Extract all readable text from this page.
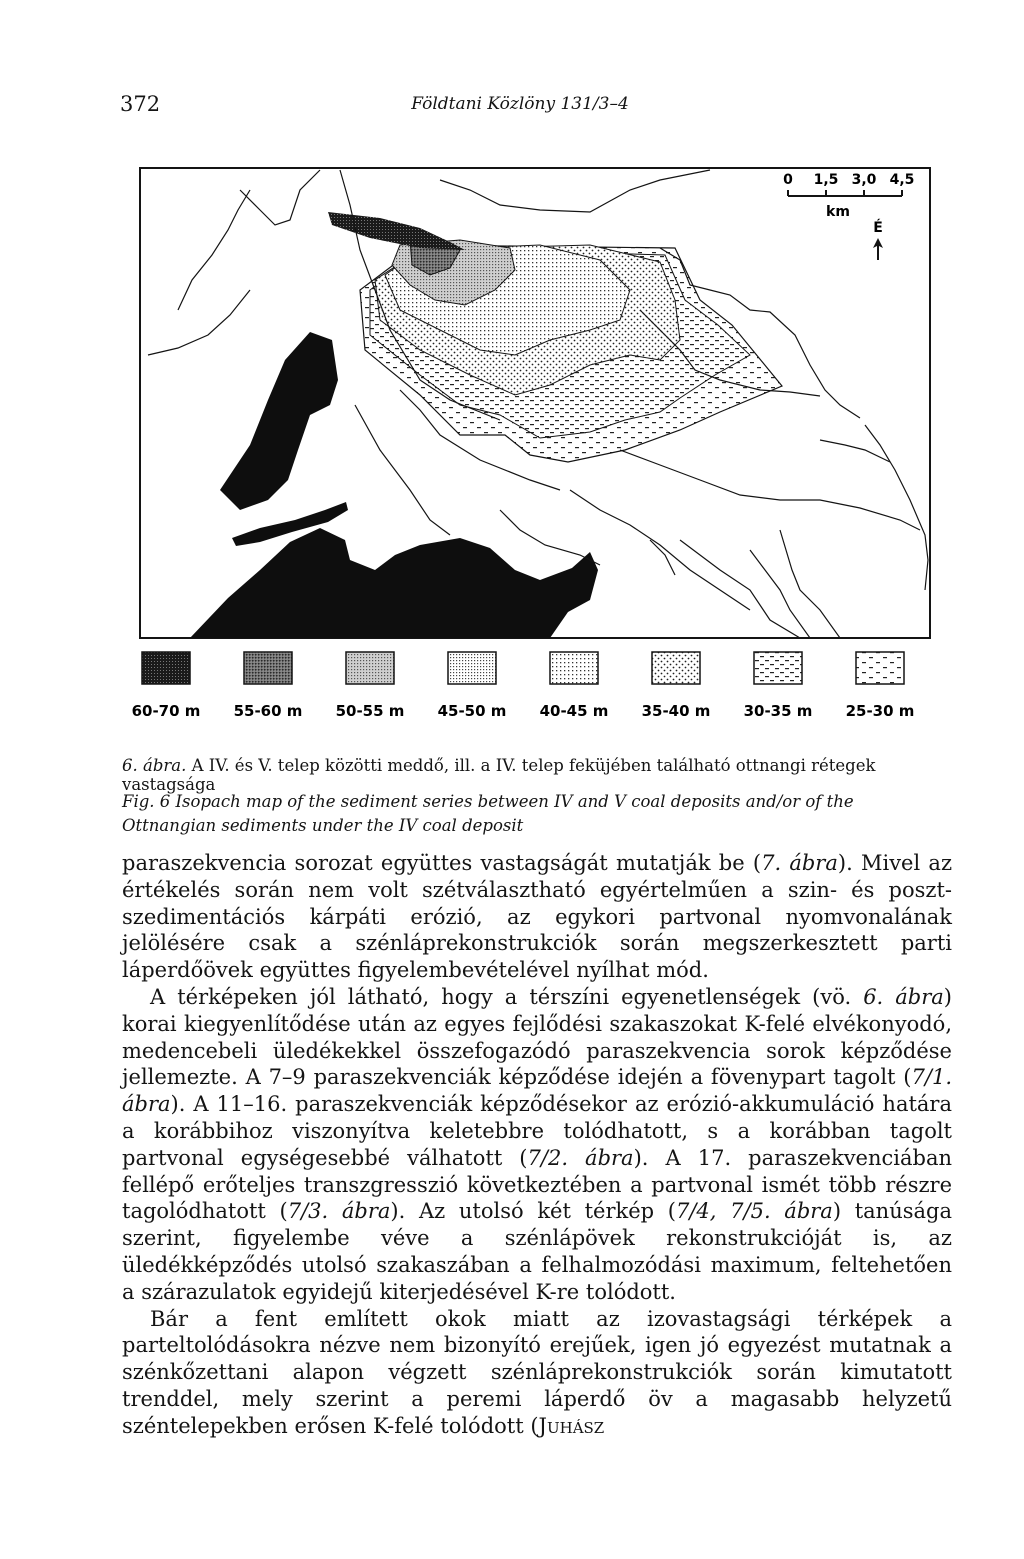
372	Földtani Közlöny 131/3–4
0 1,5 3,0 4,5
km
É
60-70 m 55-60 m 50-55 m 45-50 m 40-45 m 35-40 m 30-35 m 25-30 m
6. ábra. A IV. és V. telep közötti meddő, ill. a IV. telep feküjében található ottnangi rétegek vastagsága
Fig. 6 Isopach map of the sediment series between IV and V coal deposits and/or of the Ottnangian sediments under the IV coal deposit

paraszekvencia sorozat együttes vastagságát mutatják be (7. ábra). Mivel az értékelés során nem volt szétválasztható egyértelműen a szin- és poszt-szedimentációs kárpáti erózió, az egykori partvonal nyomvonalának jelölésére csak a szénláprekonstrukciók során megszerkesztett parti láperdőövek együttes figyelembevételével nyílhat mód.

A térképeken jól látható, hogy a térszíni egyenetlenségek (vö. 6. ábra) korai kiegyenlítődése után az egyes fejlődési szakaszokat K-felé elvékonyodó, medencebeli üledékekkel összefogazódó paraszekvencia sorok képződése jellemezte. A 7–9 paraszekvenciák képződése idején a fövenypart tagolt (7/1. ábra). A 11–16. paraszekvenciák képződésekor az erózió-akkumuláció határa a korábbihoz viszonyítva keletebbre tolódhatott, s a korábban tagolt partvonal egységesebbé válhatott (7/2. ábra). A 17. paraszekvenciában fellépő erőteljes transzgresszió következtében a partvonal ismét több részre tagolódhatott (7/3. ábra). Az utolsó két térkép (7/4, 7/5. ábra) tanúsága szerint, figyelembe véve a szénlápövek rekonstrukcióját is, az üledékképződés utolsó szakaszában a felhalmozódási maximum, feltehetően a szárazulatok egyidejű kiterjedésével K-re tolódott.

Bár a fent említett okok miatt az izovastagsági térképek a parteltolódásokra nézve nem bizonyító erejűek, igen jó egyezést mutatnak a szénkőzettani alapon végzett szénláprekonstrukciók során kimutatott trenddel, mely szerint a peremi láperdő öv a magasabb helyzetű széntelepekben erősen K-felé tolódott (Juhász
